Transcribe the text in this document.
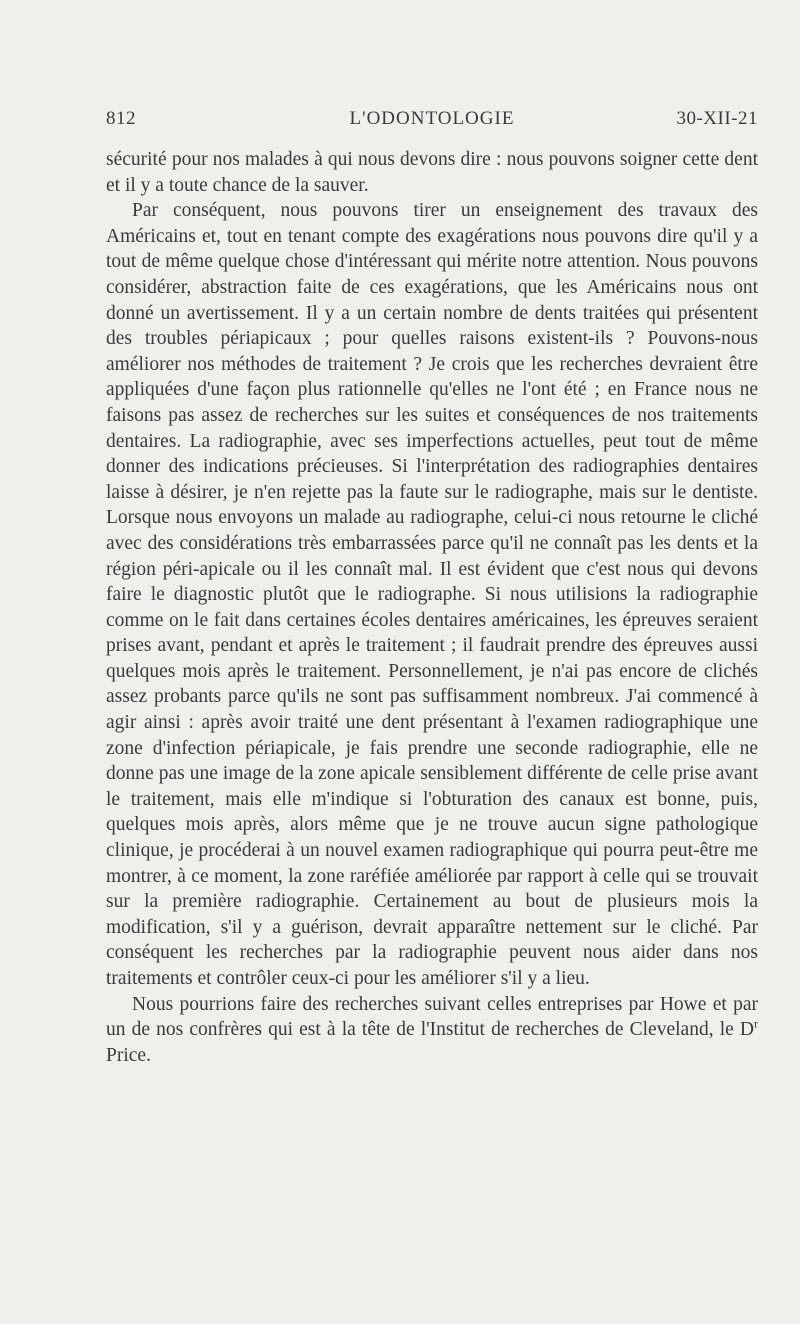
812	L'ODONTOLOGIE	30-XII-21

sécurité pour nos malades à qui nous devons dire : nous pouvons soigner cette dent et il y a toute chance de la sauver.

Par conséquent, nous pouvons tirer un enseignement des travaux des Américains et, tout en tenant compte des exagérations nous pouvons dire qu'il y a tout de même quelque chose d'intéressant qui mérite notre attention. Nous pouvons considérer, abstraction faite de ces exagérations, que les Américains nous ont donné un avertissement. Il y a un certain nombre de dents traitées qui présentent des troubles périapicaux ; pour quelles raisons existent-ils ? Pouvons-nous améliorer nos méthodes de traitement ? Je crois que les recherches devraient être appliquées d'une façon plus rationnelle qu'elles ne l'ont été ; en France nous ne faisons pas assez de recherches sur les suites et conséquences de nos traitements dentaires. La radiographie, avec ses imperfections actuelles, peut tout de même donner des indications précieuses. Si l'interprétation des radiographies dentaires laisse à désirer, je n'en rejette pas la faute sur le radiographe, mais sur le dentiste. Lorsque nous envoyons un malade au radiographe, celui-ci nous retourne le cliché avec des considérations très embarrassées parce qu'il ne connaît pas les dents et la région péri-apicale ou il les connaît mal. Il est évident que c'est nous qui devons faire le diagnostic plutôt que le radiographe. Si nous utilisions la radiographie comme on le fait dans certaines écoles dentaires américaines, les épreuves seraient prises avant, pendant et après le traitement ; il faudrait prendre des épreuves aussi quelques mois après le traitement. Personnellement, je n'ai pas encore de clichés assez probants parce qu'ils ne sont pas suffisamment nombreux. J'ai commencé à agir ainsi : après avoir traité une dent présentant à l'examen radiographique une zone d'infection périapicale, je fais prendre une seconde radiographie, elle ne donne pas une image de la zone apicale sensiblement différente de celle prise avant le traitement, mais elle m'indique si l'obturation des canaux est bonne, puis, quelques mois après, alors même que je ne trouve aucun signe pathologique clinique, je procéderai à un nouvel examen radiographique qui pourra peut-être me montrer, à ce moment, la zone raréfiée améliorée par rapport à celle qui se trouvait sur la première radiographie. Certainement au bout de plusieurs mois la modification, s'il y a guérison, devrait apparaître nettement sur le cliché. Par conséquent les recherches par la radiographie peuvent nous aider dans nos traitements et contrôler ceux-ci pour les améliorer s'il y a lieu.

Nous pourrions faire des recherches suivant celles entreprises par Howe et par un de nos confrères qui est à la tête de l'Institut de recherches de Cleveland, le $D^r$ Price.
